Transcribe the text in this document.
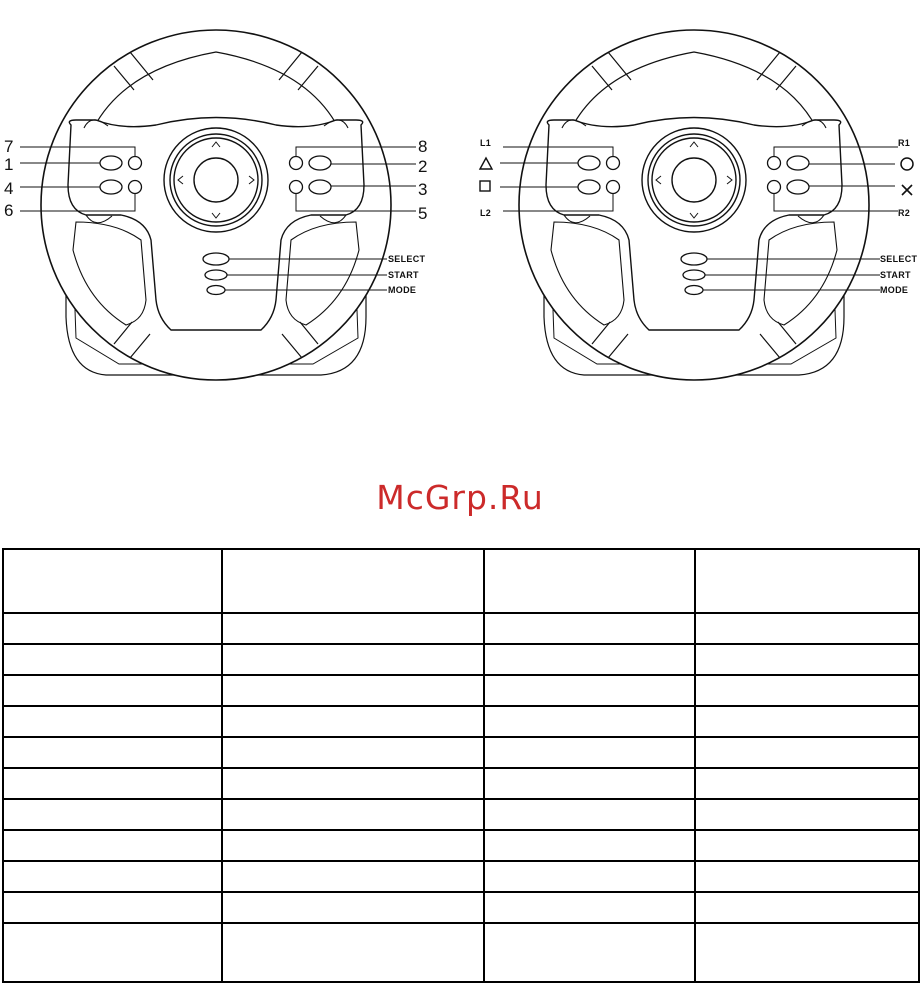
7
1
4
6
8
2
3
5
SELECT
START
MODE
L1
L2
R1
R2
SELECT
START
MODE
McGrp.Ru
